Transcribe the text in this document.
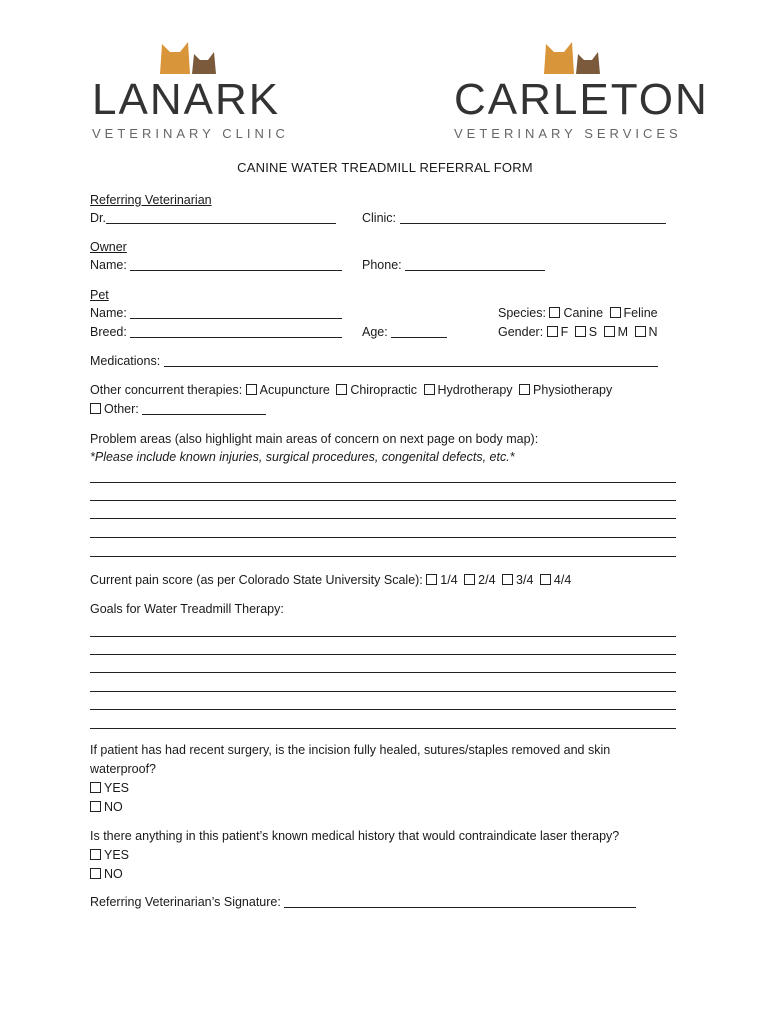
LANARK
VETERINARY CLINIC
CARLETON
VETERINARY SERVICES
CANINE WATER TREADMILL REFERRAL FORM
Referring Veterinarian
Dr.	Clinic:
Owner
Name:	Phone:
Pet
Name:	Species: Canine Feline
Breed:	Age:	Gender: F S M N
Medications:
Other concurrent therapies: Acupuncture Chiropractic Hydrotherapy Physiotherapy
Other:
Problem areas (also highlight main areas of concern on next page on body map):
*Please include known injuries, surgical procedures, congenital defects, etc.*
Current pain score (as per Colorado State University Scale): 1/4 2/4 3/4 4/4
Goals for Water Treadmill Therapy:
If patient has had recent surgery, is the incision fully healed, sutures/staples removed and skin
waterproof?
YES
NO
Is there anything in this patient’s known medical history that would contraindicate laser therapy?
YES
NO
Referring Veterinarian’s Signature:
